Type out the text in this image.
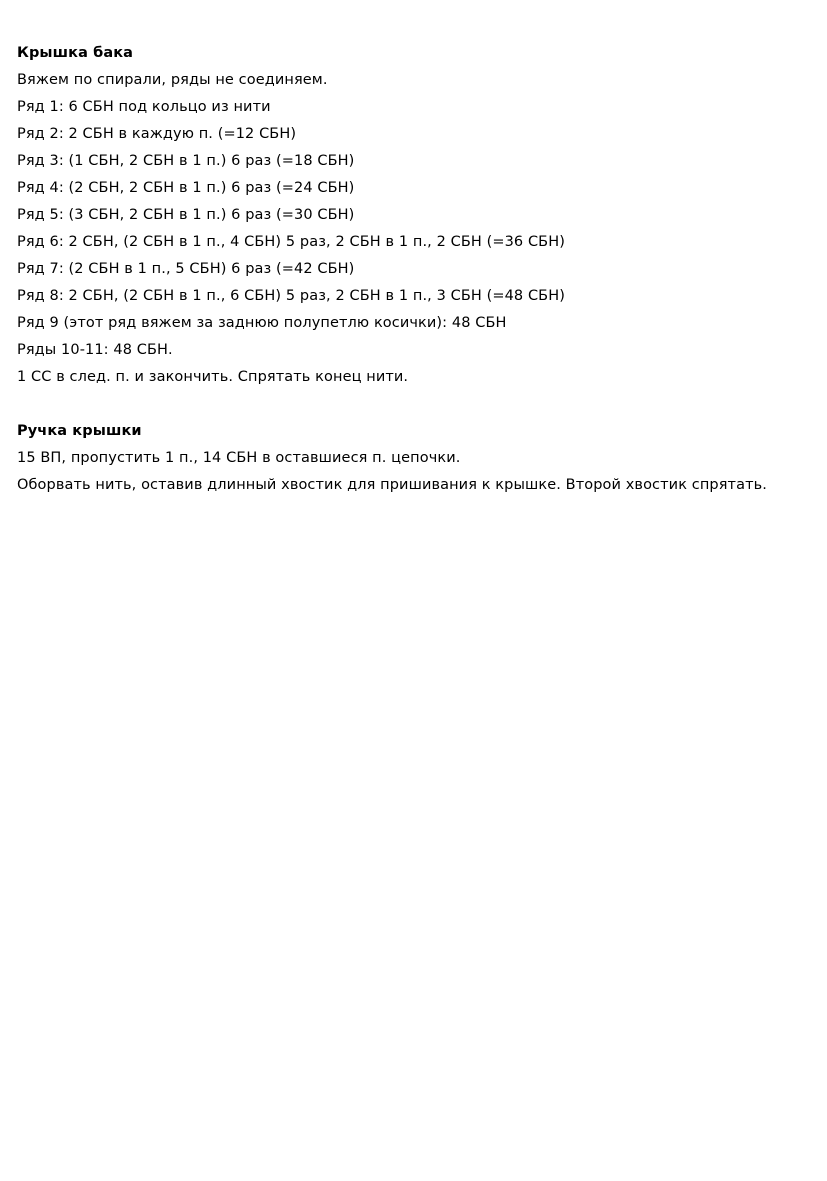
Крышка бака
Вяжем по спирали, ряды не соединяем.
Ряд 1: 6 СБН под кольцо из нити
Ряд 2: 2 СБН в каждую п. (=12 СБН)
Ряд 3: (1 СБН, 2 СБН в 1 п.) 6 раз (=18 СБН)
Ряд 4: (2 СБН, 2 СБН в 1 п.) 6 раз (=24 СБН)
Ряд 5: (3 СБН, 2 СБН в 1 п.) 6 раз (=30 СБН)
Ряд 6: 2 СБН, (2 СБН в 1 п., 4 СБН) 5 раз, 2 СБН в 1 п., 2 СБН (=36 СБН)
Ряд 7: (2 СБН в 1 п., 5 СБН) 6 раз (=42 СБН)
Ряд 8: 2 СБН, (2 СБН в 1 п., 6 СБН) 5 раз, 2 СБН в 1 п., 3 СБН (=48 СБН)
Ряд 9 (этот ряд вяжем за заднюю полупетлю косички): 48 СБН
Ряды 10-11: 48 СБН.
1 СС в след. п. и закончить. Спрятать конец нити.
Ручка крышки
15 ВП, пропустить 1 п., 14 СБН в оставшиеся п. цепочки.
Оборвать нить, оставив длинный хвостик для пришивания к крышке. Второй хвостик спрятать.
